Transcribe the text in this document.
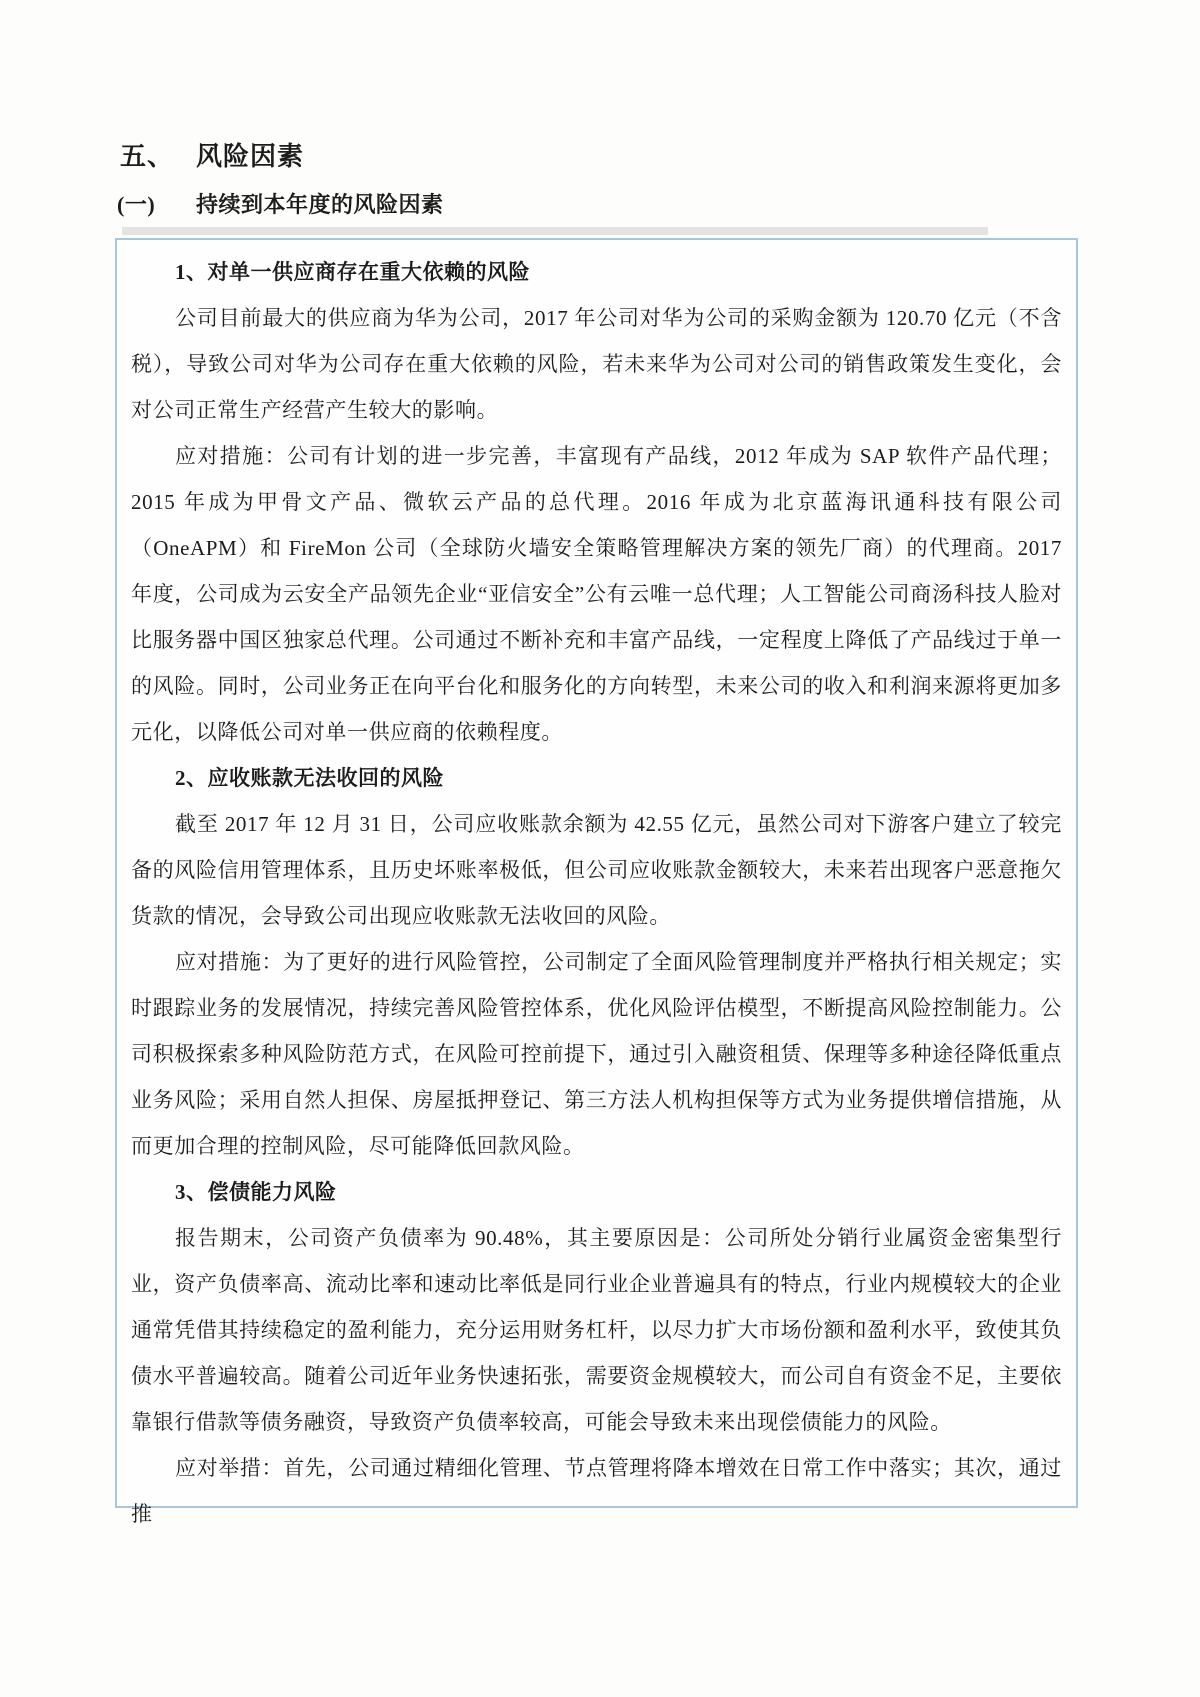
五、 风险因素
(一) 持续到本年度的风险因素

1、对单一供应商存在重大依赖的风险

公司目前最大的供应商为华为公司，2017 年公司对华为公司的采购金额为 120.70 亿元（不含税），导致公司对华为公司存在重大依赖的风险，若未来华为公司对公司的销售政策发生变化，会对公司正常生产经营产生较大的影响。

应对措施：公司有计划的进一步完善，丰富现有产品线，2012 年成为 SAP 软件产品代理；2015 年成为甲骨文产品、微软云产品的总代理。2016 年成为北京蓝海讯通科技有限公司（OneAPM）和 FireMon 公司（全球防火墙安全策略管理解决方案的领先厂商）的代理商。2017 年度，公司成为云安全产品领先企业“亚信安全”公有云唯一总代理；人工智能公司商汤科技人脸对比服务器中国区独家总代理。公司通过不断补充和丰富产品线，一定程度上降低了产品线过于单一的风险。同时，公司业务正在向平台化和服务化的方向转型，未来公司的收入和利润来源将更加多元化，以降低公司对单一供应商的依赖程度。

2、应收账款无法收回的风险

截至 2017 年 12 月 31 日，公司应收账款余额为 42.55 亿元，虽然公司对下游客户建立了较完备的风险信用管理体系，且历史坏账率极低，但公司应收账款金额较大，未来若出现客户恶意拖欠货款的情况，会导致公司出现应收账款无法收回的风险。

应对措施：为了更好的进行风险管控，公司制定了全面风险管理制度并严格执行相关规定；实时跟踪业务的发展情况，持续完善风险管控体系，优化风险评估模型，不断提高风险控制能力。公司积极探索多种风险防范方式，在风险可控前提下，通过引入融资租赁、保理等多种途径降低重点业务风险；采用自然人担保、房屋抵押登记、第三方法人机构担保等方式为业务提供增信措施，从而更加合理的控制风险，尽可能降低回款风险。

3、偿债能力风险

报告期末，公司资产负债率为 90.48%，其主要原因是：公司所处分销行业属资金密集型行业，资产负债率高、流动比率和速动比率低是同行业企业普遍具有的特点，行业内规模较大的企业通常凭借其持续稳定的盈利能力，充分运用财务杠杆，以尽力扩大市场份额和盈利水平，致使其负债水平普遍较高。随着公司近年业务快速拓张，需要资金规模较大，而公司自有资金不足，主要依靠银行借款等债务融资，导致资产负债率较高，可能会导致未来出现偿债能力的风险。

应对举措：首先，公司通过精细化管理、节点管理将降本增效在日常工作中落实；其次，通过推
